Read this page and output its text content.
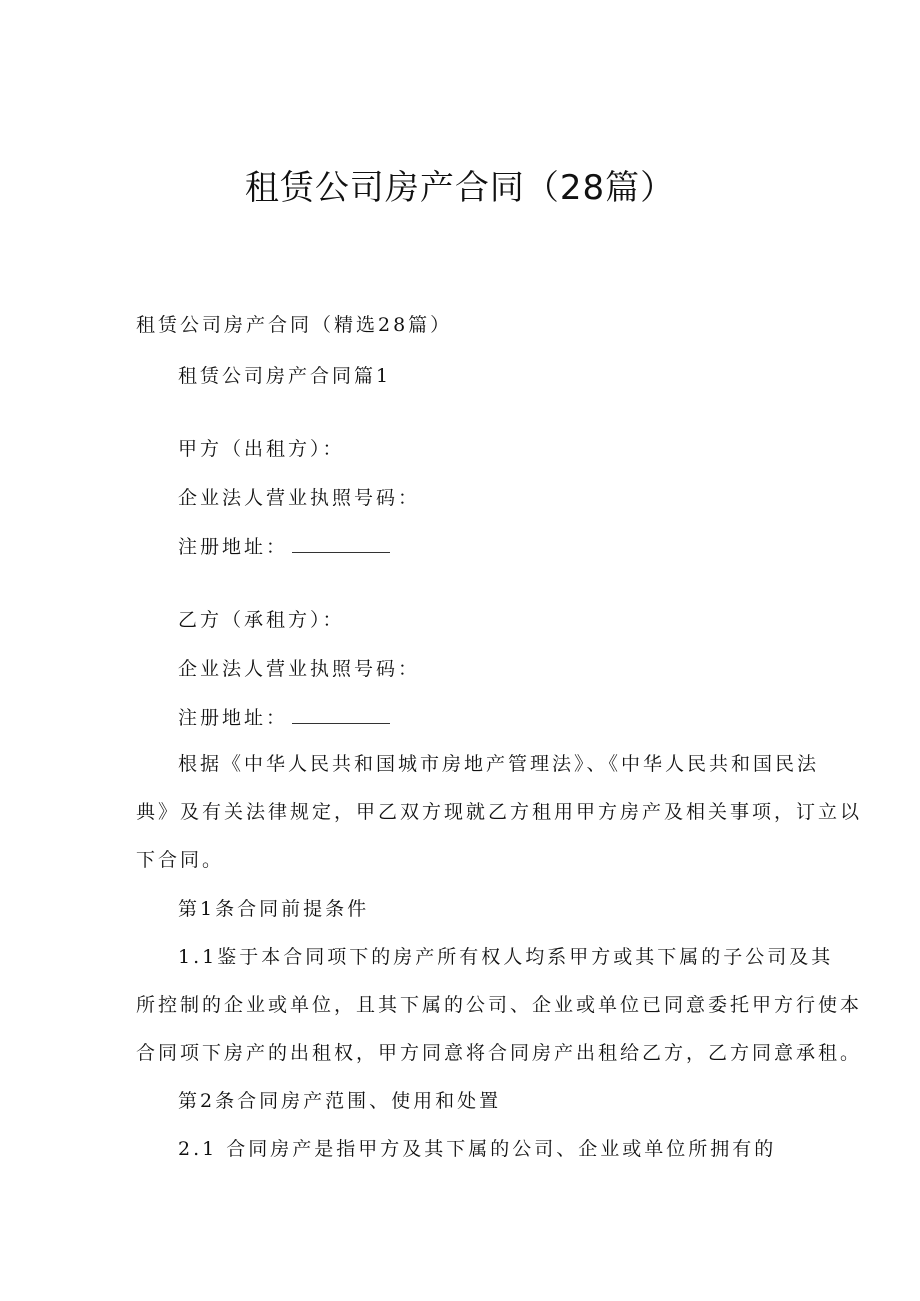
租赁公司房产合同（28篇）
租赁公司房产合同（精选28篇）
租赁公司房产合同篇1
甲方（出租方）：
企业法人营业执照号码：
注册地址：
乙方（承租方）：
企业法人营业执照号码：
注册地址：
根据《中华人民共和国城市房地产管理法》、《中华人民共和国民法
典》及有关法律规定，甲乙双方现就乙方租用甲方房产及相关事项，订立以
下合同。
第1条合同前提条件
1.1鉴于本合同项下的房产所有权人均系甲方或其下属的子公司及其
所控制的企业或单位，且其下属的公司、企业或单位已同意委托甲方行使本
合同项下房产的出租权，甲方同意将合同房产出租给乙方，乙方同意承租。
第2条合同房产范围、使用和处置
2.1 合同房产是指甲方及其下属的公司、企业或单位所拥有的
